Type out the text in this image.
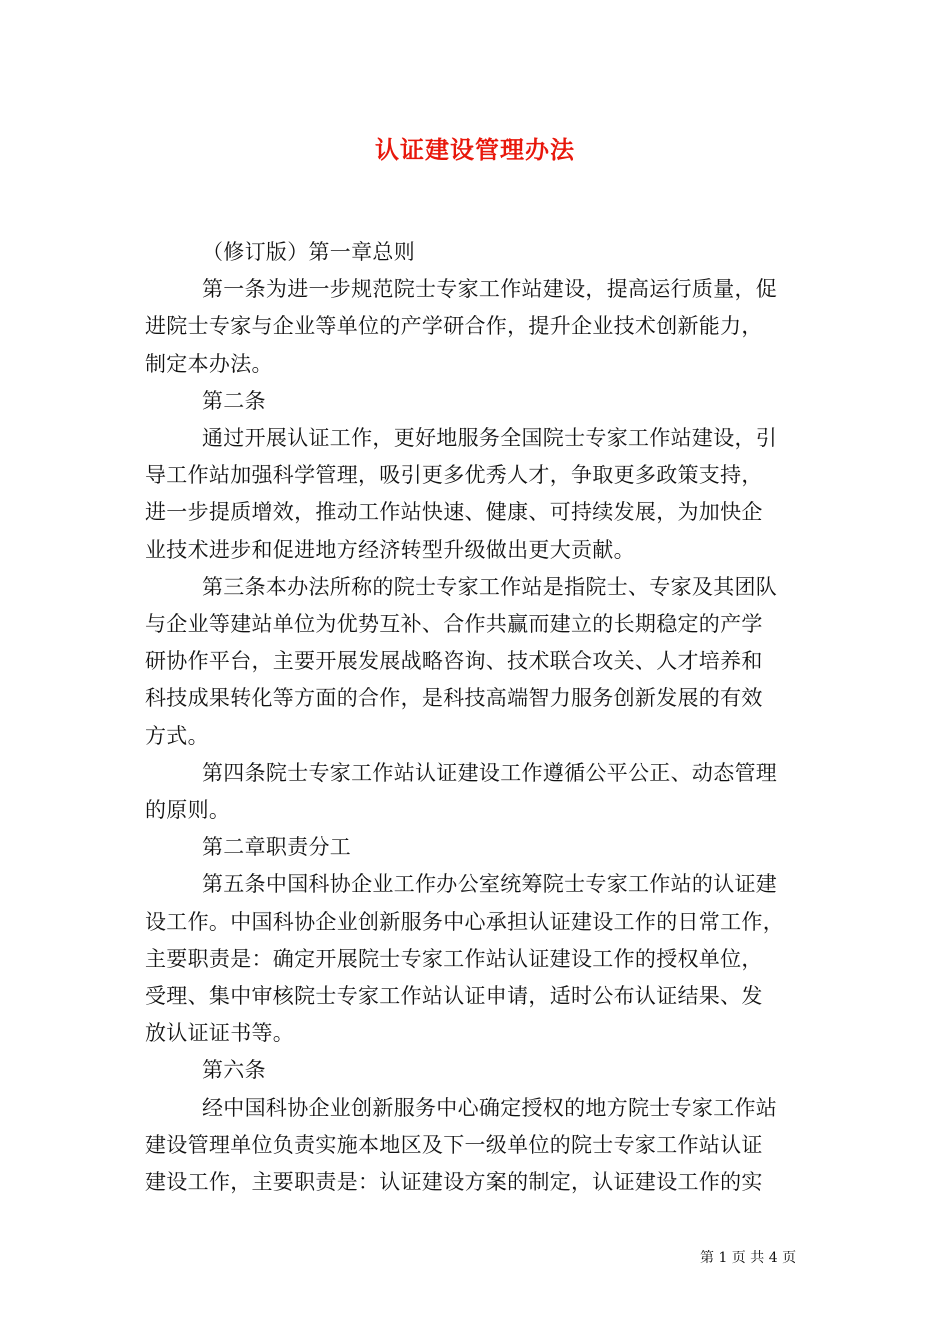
认证建设管理办法

（修订版）第一章总则

第一条为进一步规范院士专家工作站建设，提高运行质量，促
进院士专家与企业等单位的产学研合作，提升企业技术创新能力，
制定本办法。

第二条

通过开展认证工作，更好地服务全国院士专家工作站建设，引
导工作站加强科学管理，吸引更多优秀人才，争取更多政策支持，
进一步提质增效，推动工作站快速、健康、可持续发展，为加快企
业技术进步和促进地方经济转型升级做出更大贡献。

第三条本办法所称的院士专家工作站是指院士、专家及其团队
与企业等建站单位为优势互补、合作共赢而建立的长期稳定的产学
研协作平台，主要开展发展战略咨询、技术联合攻关、人才培养和
科技成果转化等方面的合作，是科技高端智力服务创新发展的有效
方式。

第四条院士专家工作站认证建设工作遵循公平公正、动态管理
的原则。

第二章职责分工

第五条中国科协企业工作办公室统筹院士专家工作站的认证建
设工作。中国科协企业创新服务中心承担认证建设工作的日常工作，
主要职责是：确定开展院士专家工作站认证建设工作的授权单位，
受理、集中审核院士专家工作站认证申请，适时公布认证结果、发
放认证证书等。

第六条

经中国科协企业创新服务中心确定授权的地方院士专家工作站
建设管理单位负责实施本地区及下一级单位的院士专家工作站认证
建设工作，主要职责是：认证建设方案的制定，认证建设工作的实

第 1 页 共 4 页
